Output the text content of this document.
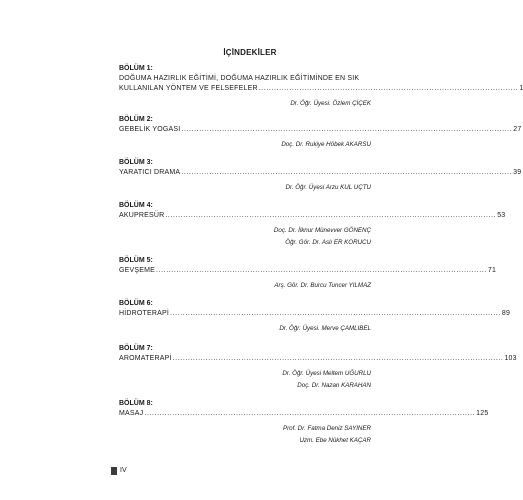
İÇİNDEKİLER
BÖLÜM 1:
DOĞUMA HAZIRLIK EĞİTİMİ, DOĞUMA HAZIRLIK EĞİTİMİNDE EN SIK
KULLANILAN YÖNTEM VE FELSEFELER ...................................................................................................... 1
Dr. Öğr. Üyesi. Özlem ÇİÇEK
BÖLÜM 2:
GEBELİK YOGASI .................................................................................................................................. 27
Doç. Dr. Rukiye Höbek AKARSU
BÖLÜM 3:
YARATICI DRAMA .................................................................................................................................. 39
Dr. Öğr. Üyesi Arzu KUL UÇTU
BÖLÜM 4:
AKUPRESÜR .................................................................................................................................. 53
Doç. Dr. İlknur Münevver GÖNENÇ
Öğr. Gör. Dr. Aslı ER KORUCU
BÖLÜM 5:
GEVŞEME .................................................................................................................................. 71
Arş. Gör. Dr. Burcu Tuncer YILMAZ
BÖLÜM 6:
HİDROTERAPİ .................................................................................................................................. 89
Dr. Öğr. Üyesi. Merve ÇAMLIBEL
BÖLÜM 7:
AROMATERAPİ .................................................................................................................................. 103
Dr. Öğr. Üyesi Meltem UĞURLU
Doç. Dr. Nazan KARAHAN
BÖLÜM 8:
MASAJ .................................................................................................................................. 125
Prof. Dr. Fatma Deniz SAYINER
Uzm. Ebe Nükhet KAÇAR
IV
